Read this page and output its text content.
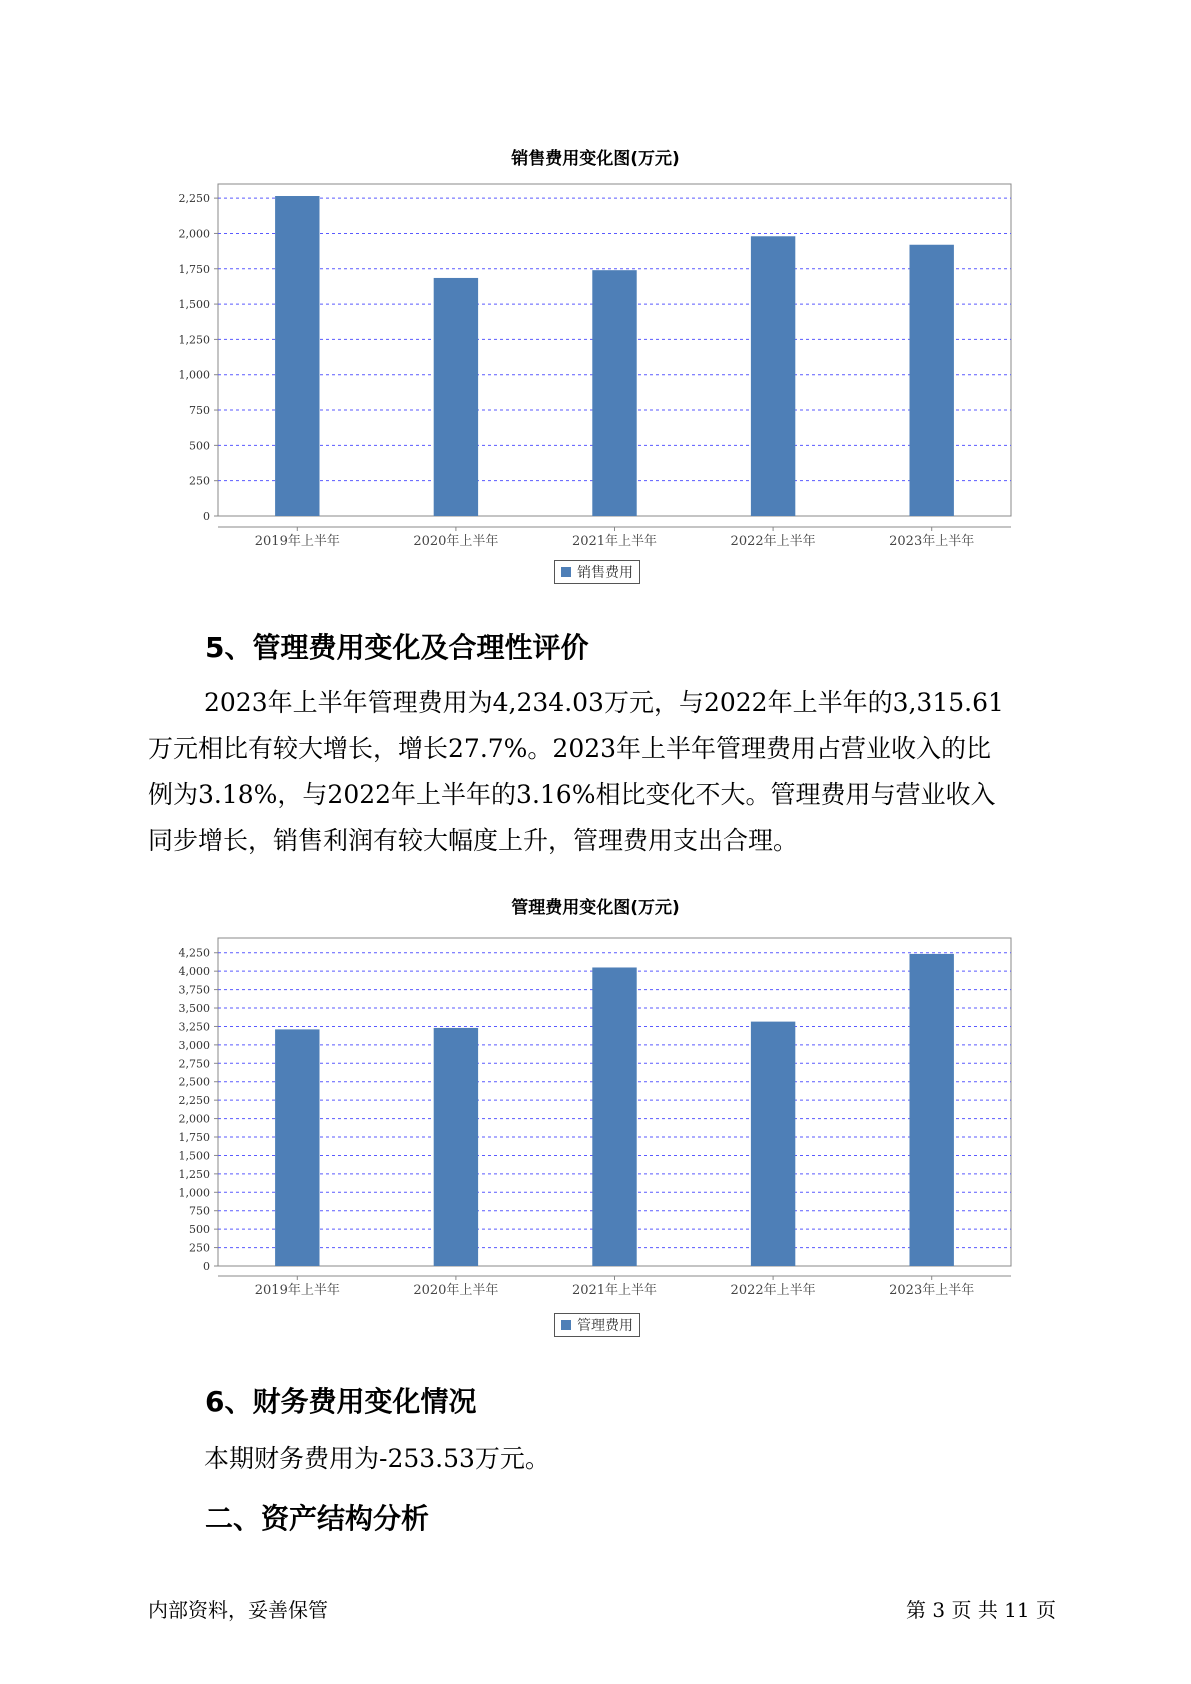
销售费用变化图(万元)
0
250
500
750
1,000
1,250
1,500
1,750
2,000
2,250
2019年上半年	2020年上半年	2021年上半年	2022年上半年	2023年上半年
销售费用
5、管理费用变化及合理性评价
2023年上半年管理费用为4,234.03万元，与2022年上半年的3,315.61
万元相比有较大增长，增长27.7%。2023年上半年管理费用占营业收入的比
例为3.18%，与2022年上半年的3.16%相比变化不大。管理费用与营业收入
同步增长，销售利润有较大幅度上升，管理费用支出合理。
管理费用变化图(万元)
0
250
500
750
1,000
1,250
1,500
1,750
2,000
2,250
2,500
2,750
3,000
3,250
3,500
3,750
4,000
4,250
2019年上半年	2020年上半年	2021年上半年	2022年上半年	2023年上半年
管理费用
6、财务费用变化情况
本期财务费用为-253.53万元。
二、资产结构分析
内部资料，妥善保管	第 3 页 共 11 页
